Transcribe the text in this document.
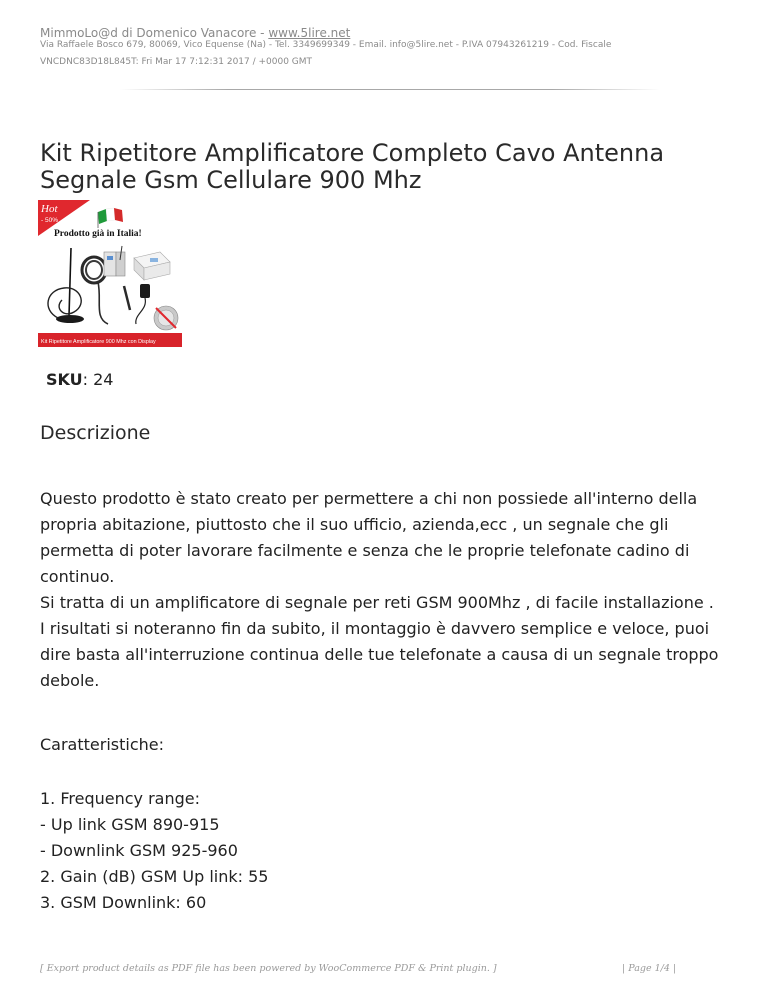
MimmoLo@d di Domenico Vanacore - www.5lire.net
Via Raffaele Bosco 679, 80069, Vico Equense (Na) - Tel. 3349699349 - Email. info@5lire.net - P.IVA 07943261219 - Cod. Fiscale
VNCDNC83D18L845T: Fri Mar 17 7:12:31 2017 / +0000 GMT
Kit Ripetitore Amplificatore Completo Cavo Antenna Segnale Gsm Cellulare 900 Mhz
Hot
- 50%
Prodotto già in Italia!
Kit Ripetitore Amplificatore 900 Mhz con Display
SKU: 24
Descrizione

Questo prodotto è stato creato per permettere a chi non possiede all'interno della propria abitazione, piuttosto che il suo ufficio, azienda,ecc , un segnale che gli permetta di poter lavorare facilmente e senza che le proprie telefonate cadino di continuo.

Si tratta di un amplificatore di segnale per reti GSM 900Mhz , di facile installazione .

I risultati si noteranno fin da subito, il montaggio è davvero semplice e veloce, puoi dire basta all'interruzione continua delle tue telefonate a causa di un segnale troppo debole.

Caratteristiche:
1. Frequency range:
- Up link GSM 890-915
- Downlink GSM 925-960
2. Gain (dB) GSM Up link: 55
3. GSM Downlink: 60
[ Export product details as PDF file has been powered by WooCommerce PDF & Print plugin. ]	| Page 1/4 |
